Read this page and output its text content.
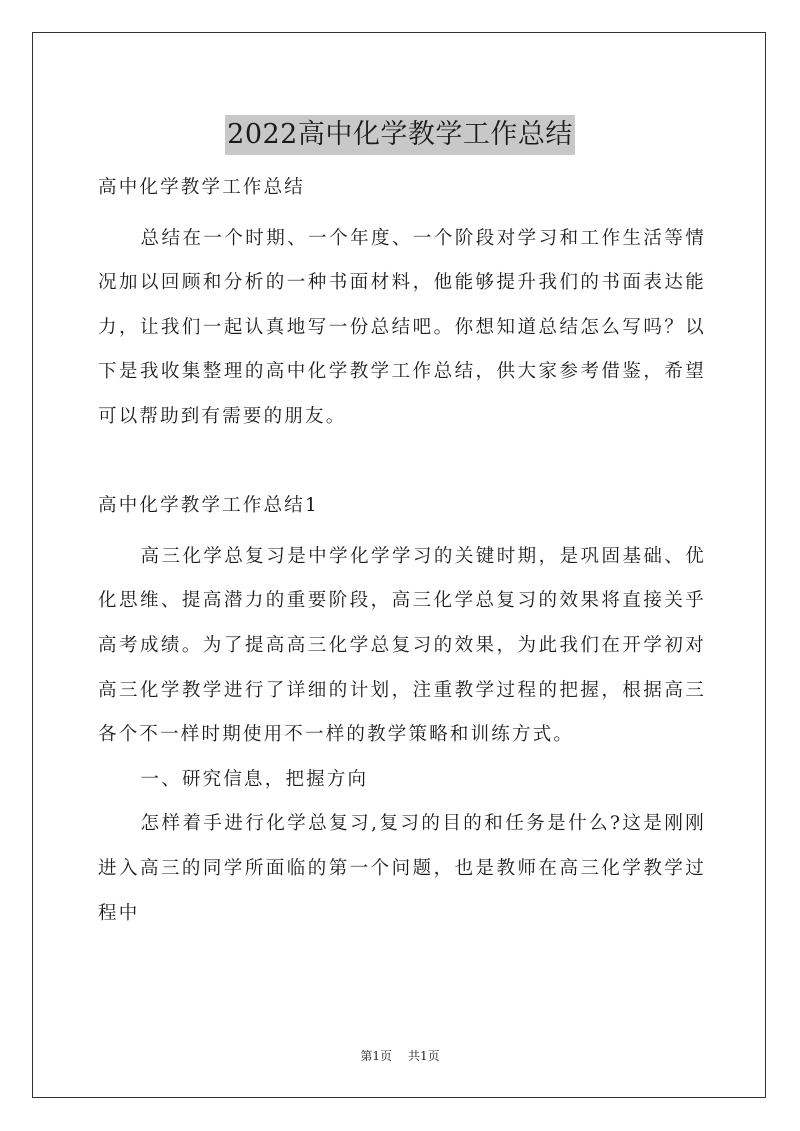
2022高中化学教学工作总结

高中化学教学工作总结

总结在一个时期、一个年度、一个阶段对学习和工作生活等情况加以回顾和分析的一种书面材料，他能够提升我们的书面表达能力，让我们一起认真地写一份总结吧。你想知道总结怎么写吗？以下是我收集整理的高中化学教学工作总结，供大家参考借鉴，希望可以帮助到有需要的朋友。

高中化学教学工作总结1

高三化学总复习是中学化学学习的关键时期，是巩固基础、优化思维、提高潜力的重要阶段，高三化学总复习的效果将直接关乎高考成绩。为了提高高三化学总复习的效果，为此我们在开学初对高三化学教学进行了详细的计划，注重教学过程的把握，根据高三各个不一样时期使用不一样的教学策略和训练方式。

一、研究信息，把握方向

怎样着手进行化学总复习,复习的目的和任务是什么?这是刚刚进入高三的同学所面临的第一个问题，也是教师在高三化学教学过程中

第1页 共1页
